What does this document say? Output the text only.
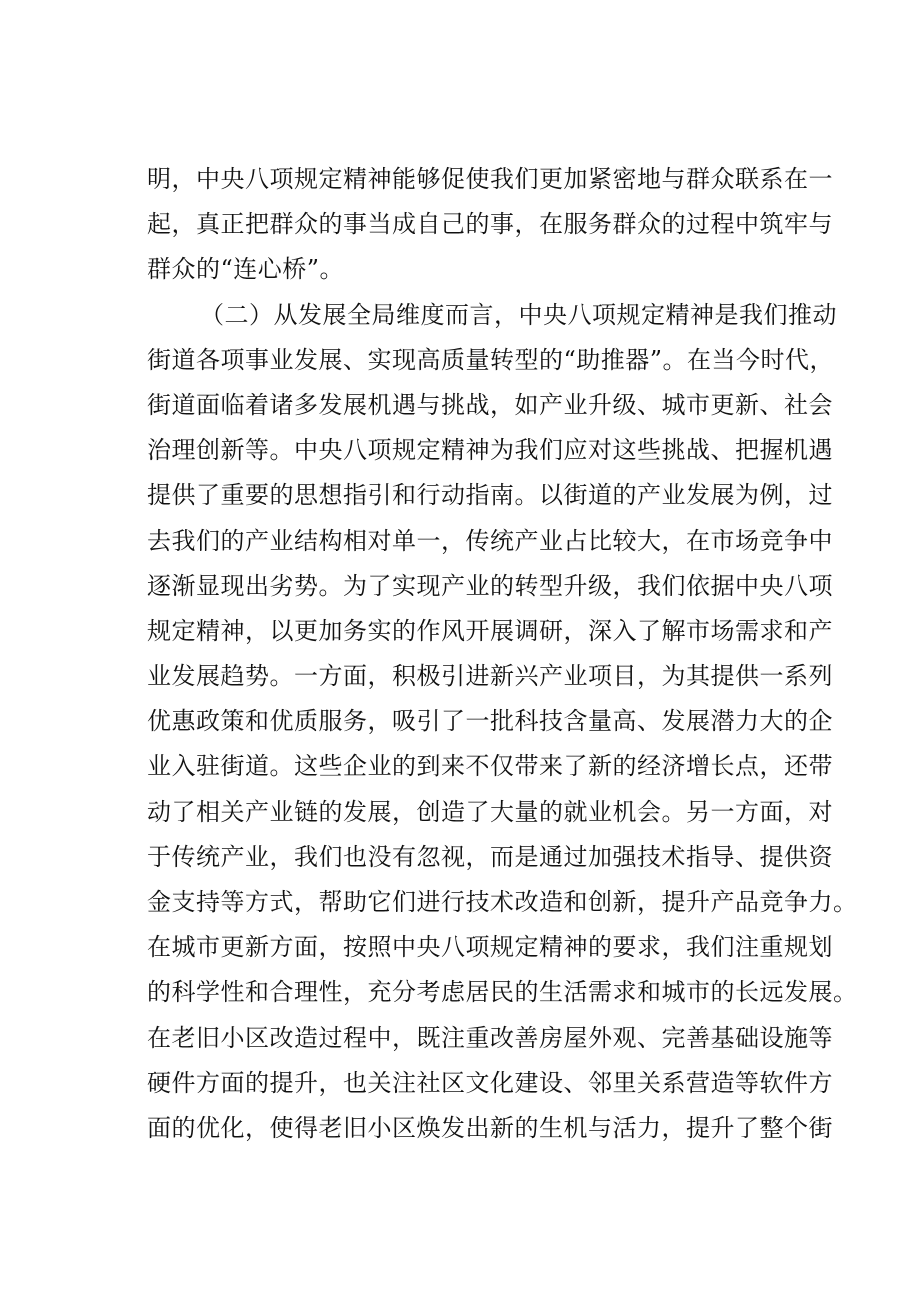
明，中央八项规定精神能够促使我们更加紧密地与群众联系在一
起，真正把群众的事当成自己的事，在服务群众的过程中筑牢与
群众的“连心桥”。
（二）从发展全局维度而言，中央八项规定精神是我们推动
街道各项事业发展、实现高质量转型的“助推器”。在当今时代，
街道面临着诸多发展机遇与挑战，如产业升级、城市更新、社会
治理创新等。中央八项规定精神为我们应对这些挑战、把握机遇
提供了重要的思想指引和行动指南。以街道的产业发展为例，过
去我们的产业结构相对单一，传统产业占比较大，在市场竞争中
逐渐显现出劣势。为了实现产业的转型升级，我们依据中央八项
规定精神，以更加务实的作风开展调研，深入了解市场需求和产
业发展趋势。一方面，积极引进新兴产业项目，为其提供一系列
优惠政策和优质服务，吸引了一批科技含量高、发展潜力大的企
业入驻街道。这些企业的到来不仅带来了新的经济增长点，还带
动了相关产业链的发展，创造了大量的就业机会。另一方面，对
于传统产业，我们也没有忽视，而是通过加强技术指导、提供资
金支持等方式，帮助它们进行技术改造和创新，提升产品竞争力。
在城市更新方面，按照中央八项规定精神的要求，我们注重规划
的科学性和合理性，充分考虑居民的生活需求和城市的长远发展。
在老旧小区改造过程中，既注重改善房屋外观、完善基础设施等
硬件方面的提升，也关注社区文化建设、邻里关系营造等软件方
面的优化，使得老旧小区焕发出新的生机与活力，提升了整个街
